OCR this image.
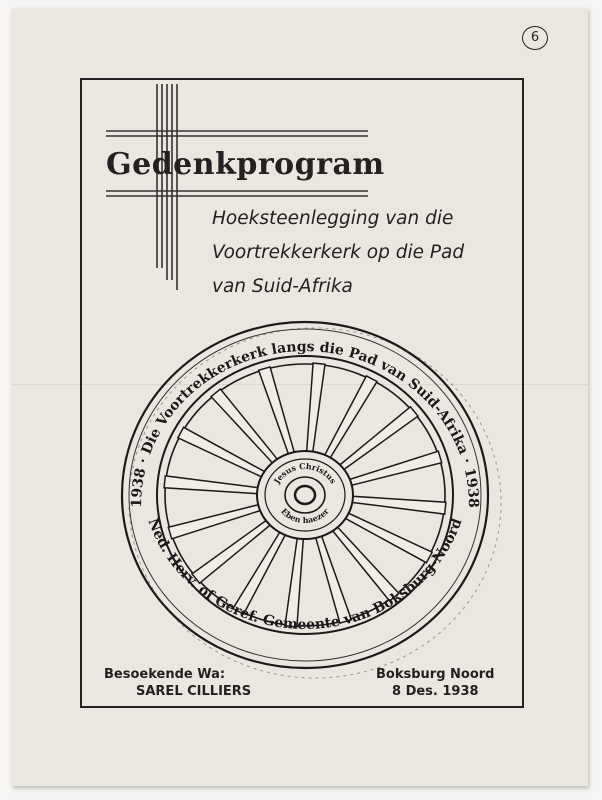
6
1938 · Die Voortrekkerkerk langs die Pad van Suid-Afrika · 1938
Ned. Herv. of Geref. Gemeente van Boksburg-Noord
Jesus Christus
Eben haezer
Gedenkprogram
Hoeksteenlegging van die
Voortrekkerkerk op die Pad
van Suid-Afrika
Besoekende Wa:
SAREL CILLIERS
Boksburg Noord
8 Des. 1938
